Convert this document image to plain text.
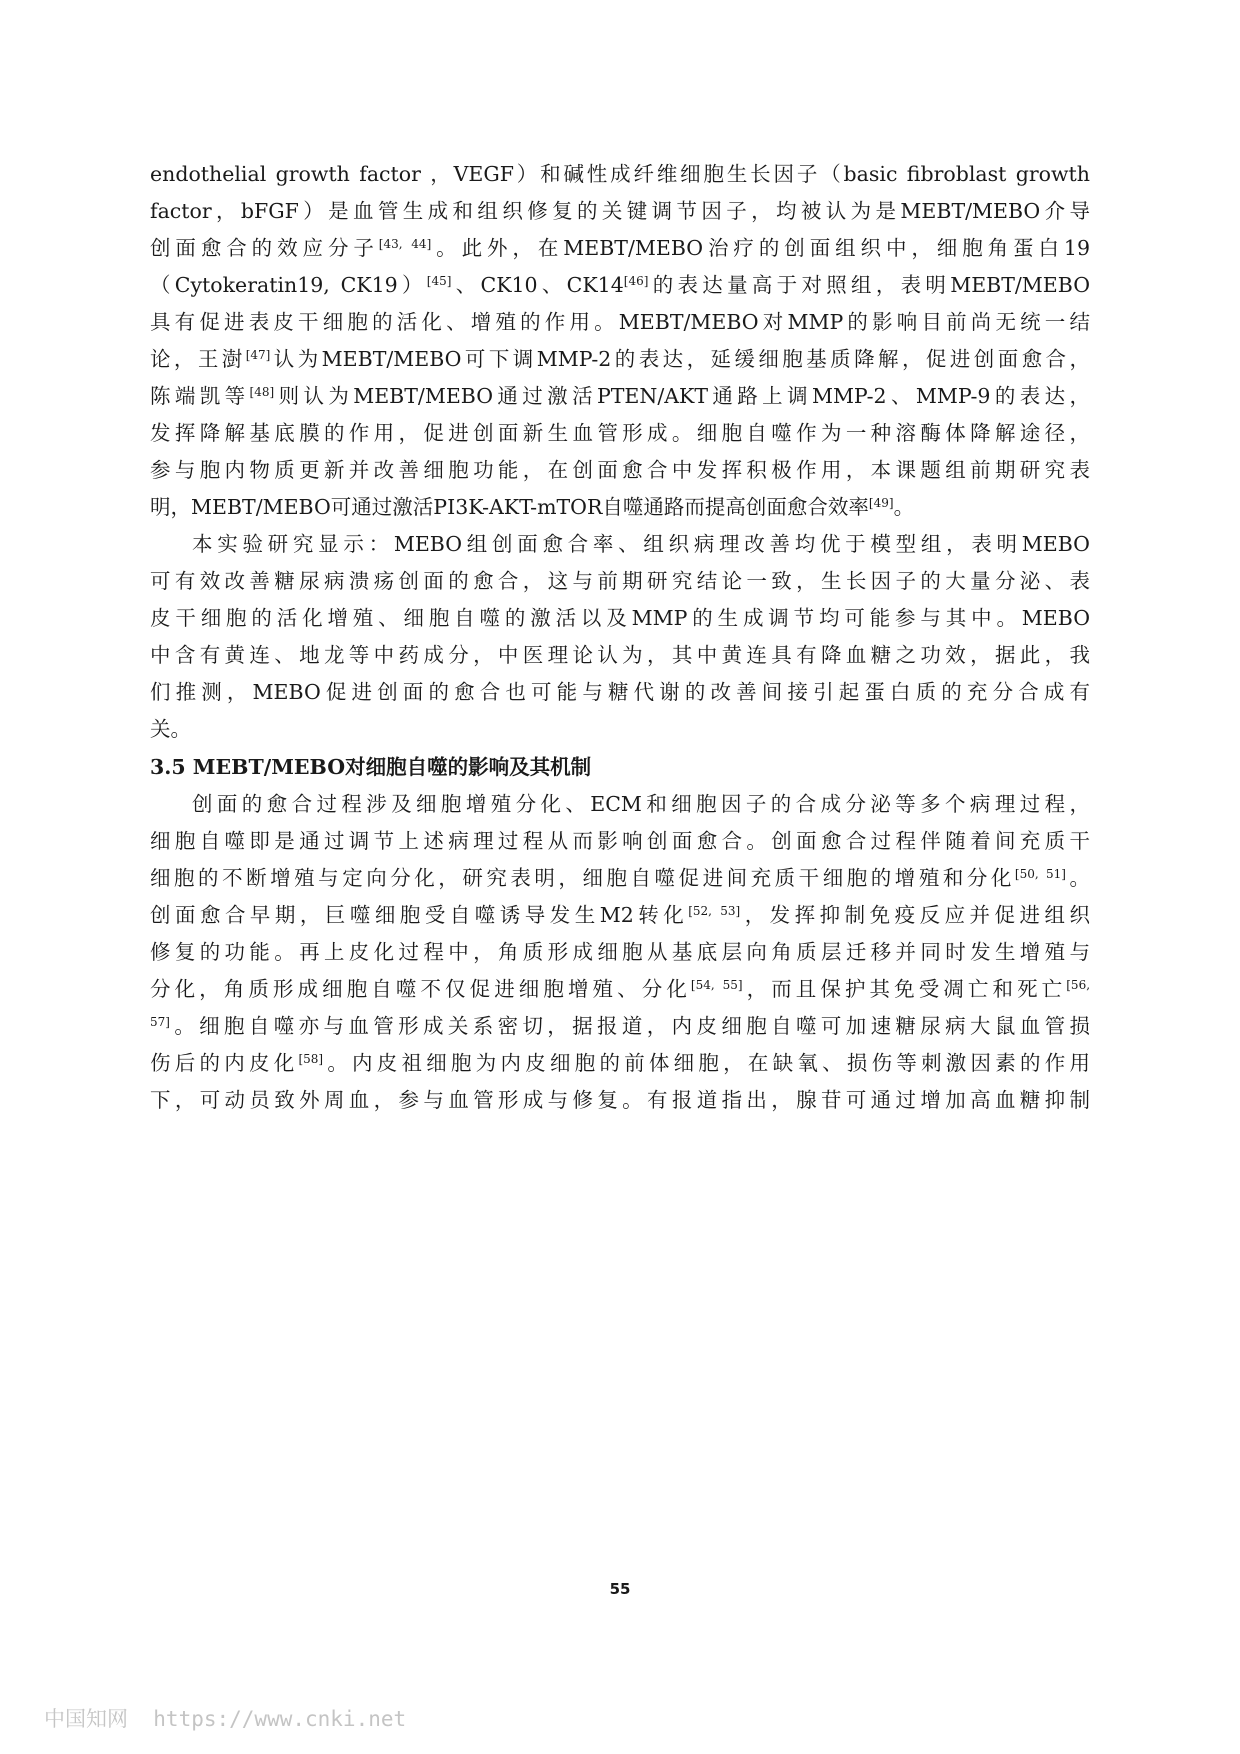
endothelial growth factor ，VEGF）和碱性成纤维细胞生长因子（basic fibroblast growth
factor，bFGF）是血管生成和组织修复的关键调节因子，均被认为是MEBT/MEBO介导
创面愈合的效应分子[43, 44]。此外，在MEBT/MEBO治疗的创面组织中，细胞角蛋白19
（Cytokeratin19, CK19）[45]、CK10、CK14[46]的表达量高于对照组，表明MEBT/MEBO
具有促进表皮干细胞的活化、增殖的作用。MEBT/MEBO对MMP的影响目前尚无统一结
论，王澍[47]认为MEBT/MEBO可下调MMP-2的表达，延缓细胞基质降解，促进创面愈合，
陈端凯等[48]则认为MEBT/MEBO通过激活PTEN/AKT通路上调MMP-2、MMP-9的表达，
发挥降解基底膜的作用，促进创面新生血管形成。细胞自噬作为一种溶酶体降解途径，
参与胞内物质更新并改善细胞功能，在创面愈合中发挥积极作用，本课题组前期研究表
明，MEBT/MEBO可通过激活PI3K-AKT-mTOR自噬通路而提高创面愈合效率[49]。
本实验研究显示：MEBO组创面愈合率、组织病理改善均优于模型组，表明MEBO
可有效改善糖尿病溃疡创面的愈合，这与前期研究结论一致，生长因子的大量分泌、表
皮干细胞的活化增殖、细胞自噬的激活以及MMP的生成调节均可能参与其中。MEBO
中含有黄连、地龙等中药成分，中医理论认为，其中黄连具有降血糖之功效，据此，我
们推测，MEBO促进创面的愈合也可能与糖代谢的改善间接引起蛋白质的充分合成有
关。
3.5 MEBT/MEBO对细胞自噬的影响及其机制
创面的愈合过程涉及细胞增殖分化、ECM和细胞因子的合成分泌等多个病理过程，
细胞自噬即是通过调节上述病理过程从而影响创面愈合。创面愈合过程伴随着间充质干
细胞的不断增殖与定向分化，研究表明，细胞自噬促进间充质干细胞的增殖和分化[50, 51]。
创面愈合早期，巨噬细胞受自噬诱导发生M2转化[52, 53]，发挥抑制免疫反应并促进组织
修复的功能。再上皮化过程中，角质形成细胞从基底层向角质层迁移并同时发生增殖与
分化，角质形成细胞自噬不仅促进细胞增殖、分化[54, 55]，而且保护其免受凋亡和死亡$^{[56,}$
$^{57]}$。细胞自噬亦与血管形成关系密切，据报道，内皮细胞自噬可加速糖尿病大鼠血管损
伤后的内皮化[58]。内皮祖细胞为内皮细胞的前体细胞，在缺氧、损伤等刺激因素的作用
下，可动员致外周血，参与血管形成与修复。有报道指出，腺苷可通过增加高血糖抑制
55
中国知网  https://www.cnki.net
